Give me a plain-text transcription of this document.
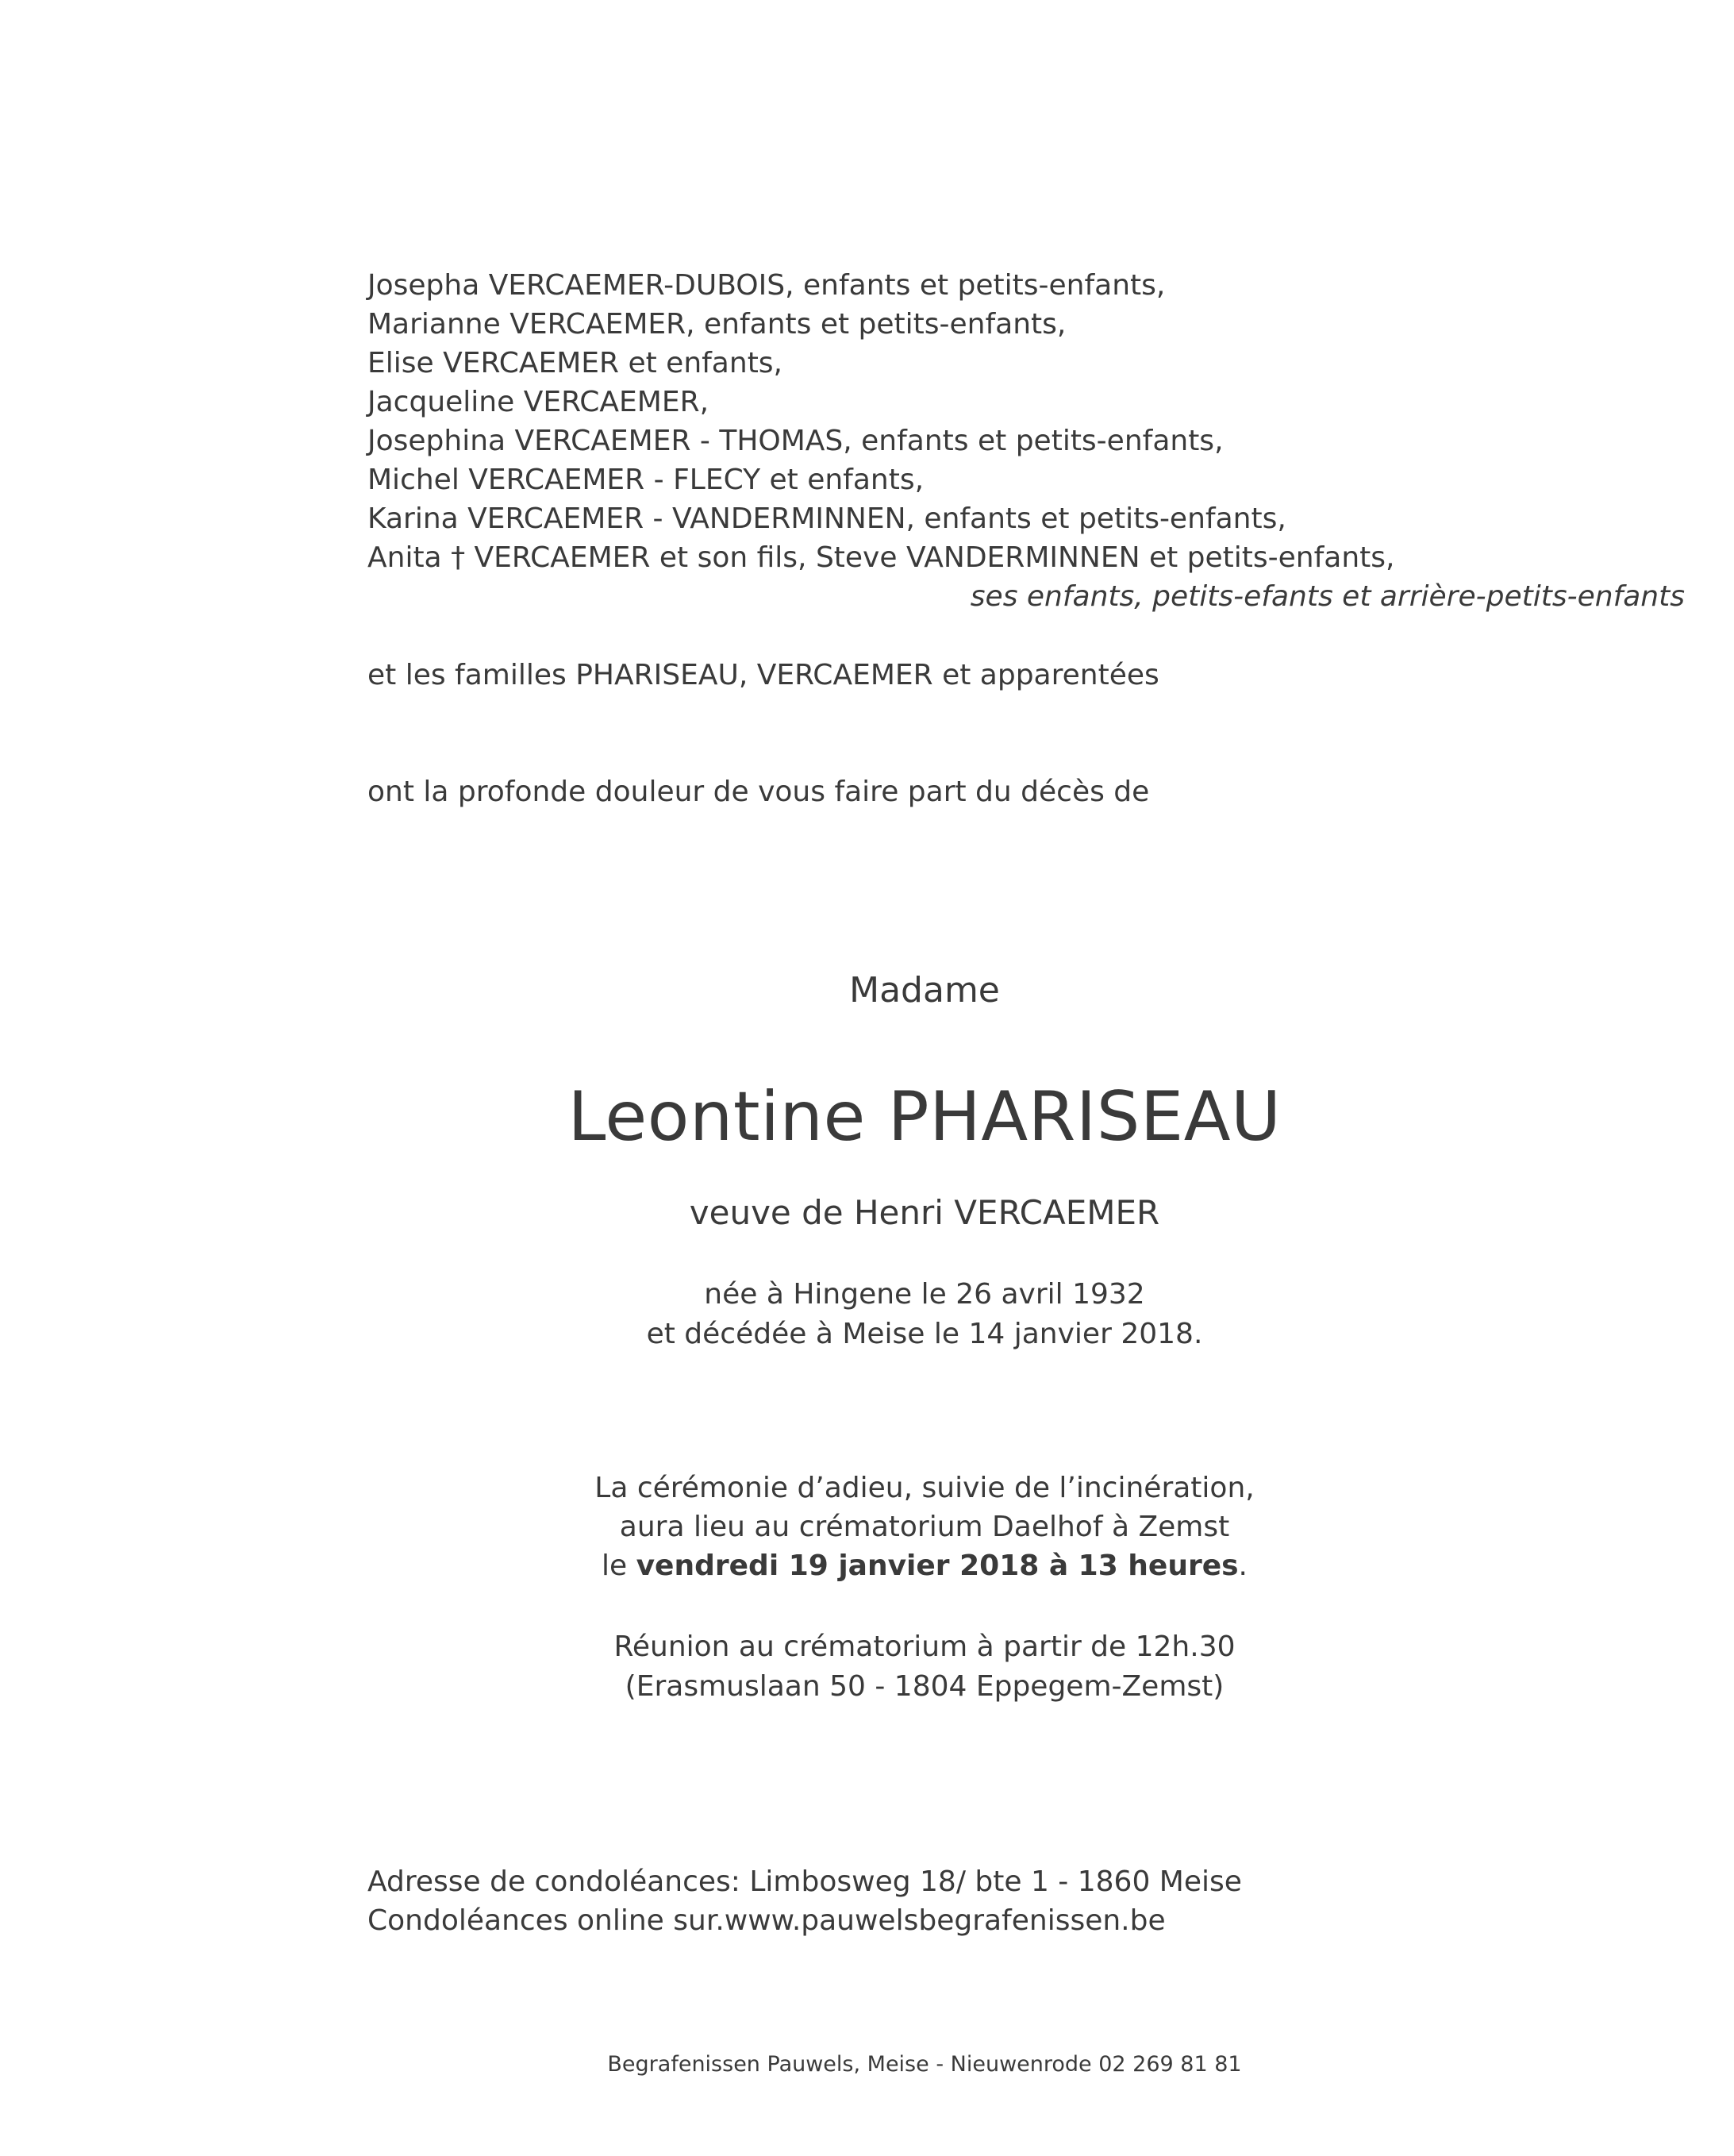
Josepha VERCAEMER-DUBOIS, enfants et petits-enfants,
Marianne VERCAEMER, enfants et petits-enfants,
Elise VERCAEMER et enfants,
Jacqueline VERCAEMER,
Josephina VERCAEMER - THOMAS, enfants et petits-enfants,
Michel VERCAEMER - FLECY et enfants,
Karina VERCAEMER - VANDERMINNEN, enfants et petits-enfants,
Anita † VERCAEMER et son fils, Steve VANDERMINNEN et petits-enfants,
ses enfants, petits-efants et arrière-petits-enfants
et les familles PHARISEAU, VERCAEMER et apparentées
ont la profonde douleur de vous faire part du décès de
Madame
Leontine PHARISEAU
veuve de Henri VERCAEMER
née à Hingene le 26 avril 1932
et décédée à Meise le 14 janvier 2018.
La cérémonie d’adieu, suivie de l’incinération,
aura lieu au crématorium Daelhof à Zemst
le vendredi 19 janvier 2018 à 13 heures.
Réunion au crématorium à partir de 12h.30
(Erasmuslaan 50 - 1804 Eppegem-Zemst)
Adresse de condoléances: Limbosweg 18/ bte 1 - 1860 Meise
Condoléances online sur.www.pauwelsbegrafenissen.be
Begrafenissen Pauwels, Meise - Nieuwenrode 02 269 81 81
